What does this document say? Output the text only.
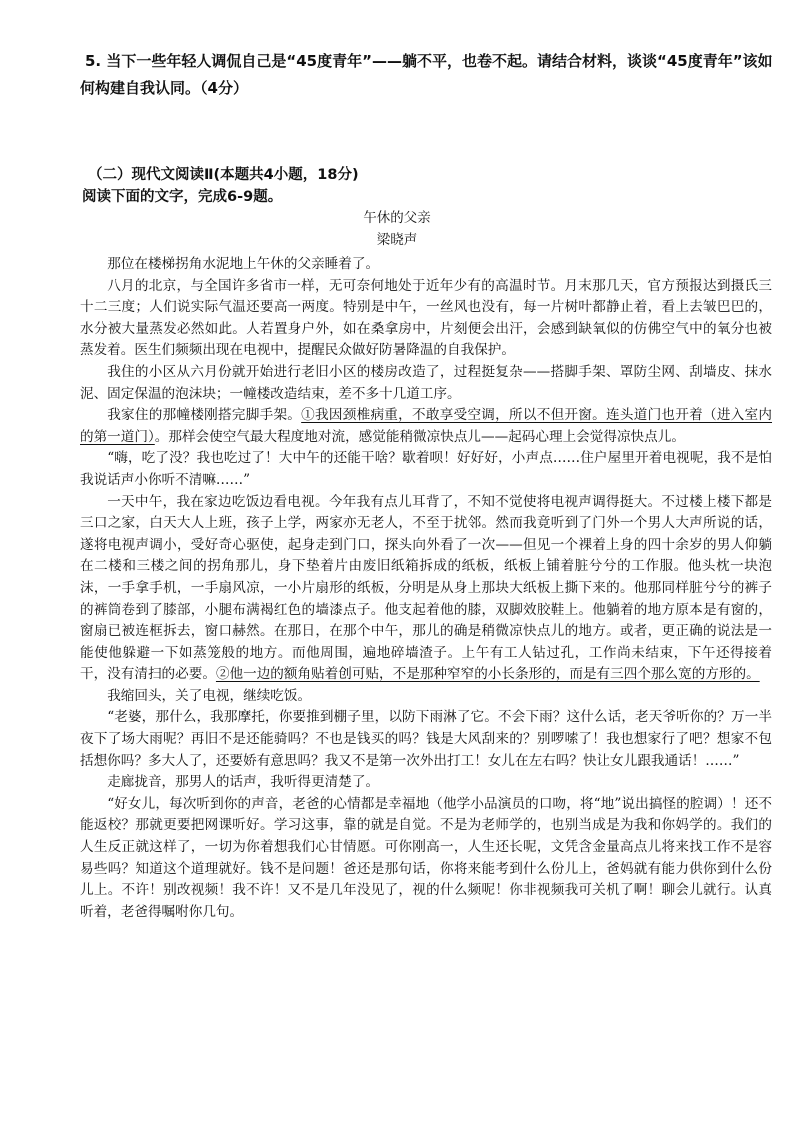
5. 当下一些年轻人调侃自己是“45度青年”——躺不平，也卷不起。请结合材料，谈谈“45度青年”该如何构建自我认同。（4分）
（二）现代文阅读Ⅱ(本题共4小题，18分)
阅读下面的文字，完成6-9题。
午休的父亲
梁晓声

那位在楼梯拐角水泥地上午休的父亲睡着了。

八月的北京，与全国许多省市一样，无可奈何地处于近年少有的高温时节。月末那几天，官方预报达到摄氏三十二三度；人们说实际气温还要高一两度。特别是中午，一丝风也没有，每一片树叶都静止着，看上去皱巴巴的，水分被大量蒸发必然如此。人若置身户外，如在桑拿房中，片刻便会出汗，会感到缺氧似的仿佛空气中的氧分也被蒸发着。医生们频频出现在电视中，提醒民众做好防暑降温的自我保护。

我住的小区从六月份就开始进行老旧小区的楼房改造了，过程挺复杂——搭脚手架、罩防尘网、刮墙皮、抹水泥、固定保温的泡沫块；一幢楼改造结束，差不多十几道工序。

我家住的那幢楼刚搭完脚手架。①我因颈椎病重，不敢享受空调，所以不但开窗。连头道门也开着（进入室内的第一道门）。那样会使空气最大程度地对流，感觉能稍微凉快点儿——起码心理上会觉得凉快点儿。

“嗨，吃了没？我也吃过了！大中午的还能干啥？歇着呗！好好好，小声点……住户屋里开着电视呢，我不是怕我说话声小你听不清嘛……”

一天中午，我在家边吃饭边看电视。今年我有点儿耳背了，不知不觉使将电视声调得挺大。不过楼上楼下都是三口之家，白天大人上班，孩子上学，两家亦无老人，不至于扰邻。然而我竟听到了门外一个男人大声所说的话，遂将电视声调小，受好奇心驱使，起身走到门口，探头向外看了一次——但见一个裸着上身的四十余岁的男人仰躺在二楼和三楼之间的拐角那儿，身下垫着片由废旧纸箱拆成的纸板，纸板上铺着脏兮兮的工作服。他头枕一块泡沫，一手拿手机，一手扇风凉，一小片扇形的纸板，分明是从身上那块大纸板上撕下来的。他那同样脏兮兮的裤子的裤筒卷到了膝部，小腿布满褐红色的墙漆点子。他支起着他的膝，双脚效胶鞋上。他躺着的地方原本是有窗的，窗扇已被连框拆去，窗口赫然。在那日，在那个中午，那儿的确是稍微凉快点儿的地方。或者，更正确的说法是一能使他躲避一下如蒸笼般的地方。而他周围，遍地碎墙渣子。上午有工人钻过孔，工作尚未结束，下午还得接着干，没有清扫的必要。②他一边的额角贴着创可贴，不是那种窄窄的小长条形的，而是有三四个那么宽的方形的。

我缩回头，关了电视，继续吃饭。

“老婆，那什么，我那摩托，你要推到棚子里，以防下雨淋了它。不会下雨？这什么话，老天爷听你的？万一半夜下了场大雨呢？再旧不是还能骑吗？不也是钱买的吗？钱是大风刮来的？别啰嗦了！我也想家行了吧？想家不包括想你吗？多大人了，还要娇有意思吗？我又不是第一次外出打工！女儿在左右吗？快让女儿跟我通话！……”

走廊拢音，那男人的话声，我听得更清楚了。

“好女儿，每次听到你的声音，老爸的心情都是幸福地（他学小品演员的口吻，将“地”说出搞怪的腔调）！还不能返校？那就更要把网课听好。学习这事，靠的就是自觉。不是为老师学的，也别当成是为我和你妈学的。我们的人生反正就这样了，一切为你着想我们心甘情愿。可你刚高一，人生还长呢，文凭含金量高点儿将来找工作不是容易些吗？知道这个道理就好。钱不是问题！爸还是那句话，你将来能考到什么份儿上，爸妈就有能力供你到什么份儿上。不许！别改视频！我不许！又不是几年没见了，视的什么频呢！你非视频我可关机了啊！聊会儿就行。认真听着，老爸得嘱咐你几句。
